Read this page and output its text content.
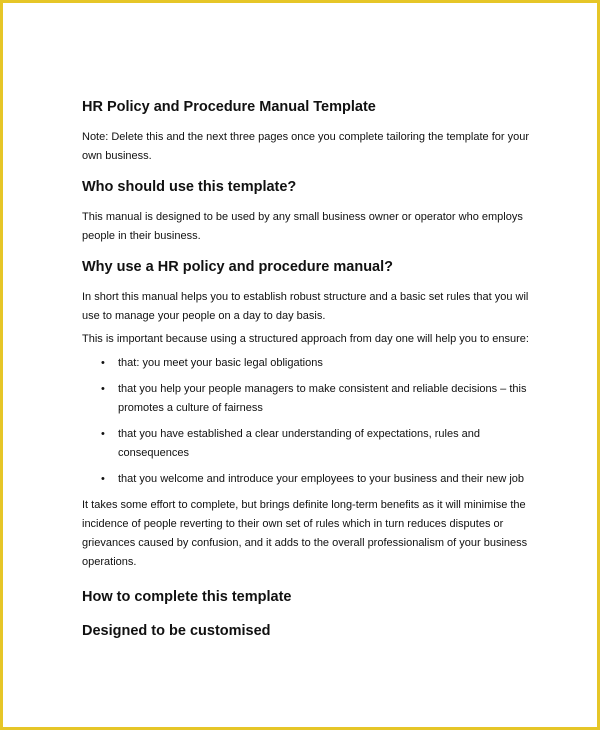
HR Policy and Procedure Manual Template

Note: Delete this and the next three pages once you complete tailoring the template for your own business.

Who should use this template?

This manual is designed to be used by any small business owner or operator who employs people in their business.

Why use a HR policy and procedure manual?

In short this manual helps you to establish robust structure and a basic set rules that you wil use to manage your people on a day to day basis.

This is important because using a structured approach from day one will help you to ensure:

• that: you meet your basic legal obligations
• that you help your people managers to make consistent and reliable decisions – this promotes a culture of fairness
• that you have established a clear understanding of expectations, rules and consequences
• that you welcome and introduce your employees to your business and their new job

It takes some effort to complete, but brings definite long-term benefits as it will minimise the incidence of people reverting to their own set of rules which in turn reduces disputes or grievances caused by confusion, and it adds to the overall professionalism of your business operations.

How to complete this template
Designed to be customised
